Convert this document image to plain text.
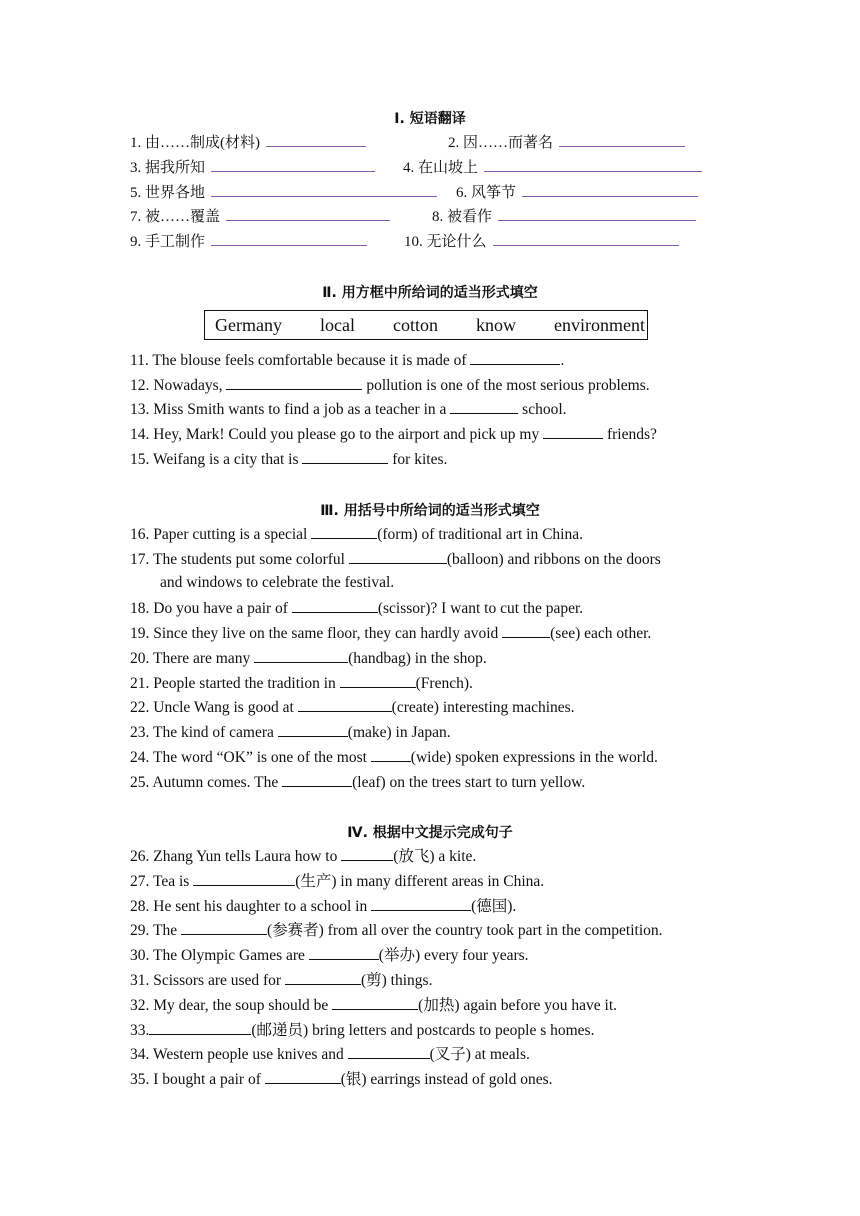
Ⅰ. 短语翻译
1. 由……制成(材料)	2. 因……而著名
3. 据我所知	4. 在山坡上
5. 世界各地	6. 风筝节
7. 被……覆盖	8. 被看作
9. 手工制作	10. 无论什么
Ⅱ. 用方框中所给词的适当形式填空
Germany local cotton know environment
11. The blouse feels comfortable because it is made of	.
12. Nowadays,	pollution is one of the most serious problems.
13. Miss Smith wants to find a job as a teacher in a	school.
14. Hey, Mark! Could you please go to the airport and pick up my	friends?
15. Weifang is a city that is	for kites.
Ⅲ. 用括号中所给词的适当形式填空
16. Paper cutting is a special	(form) of traditional art in China.
17. The students put some colorful	(balloon) and ribbons on the doors
and windows to celebrate the festival.
18. Do you have a pair of	(scissor)? I want to cut the paper.
19. Since they live on the same floor, they can hardly avoid	(see) each other.
20. There are many	(handbag) in the shop.
21. People started the tradition in	(French).
22. Uncle Wang is good at	(create) interesting machines.
23. The kind of camera	(make) in Japan.
24. The word “OK” is one of the most	(wide) spoken expressions in the world.
25. Autumn comes. The	(leaf) on the trees start to turn yellow.
Ⅳ. 根据中文提示完成句子
26. Zhang Yun tells Laura how to	(放飞) a kite.
27. Tea is	(生产) in many different areas in China.
28. He sent his daughter to a school in	(德国).
29. The	(参赛者) from all over the country took part in the competition.
30. The Olympic Games are	(举办) every four years.
31. Scissors are used for	(剪) things.
32. My dear, the soup should be	(加热) again before you have it.
33.	(邮递员) bring letters and postcards to people s homes.
34. Western people use knives and	(叉子) at meals.
35. I bought a pair of	(银) earrings instead of gold ones.
